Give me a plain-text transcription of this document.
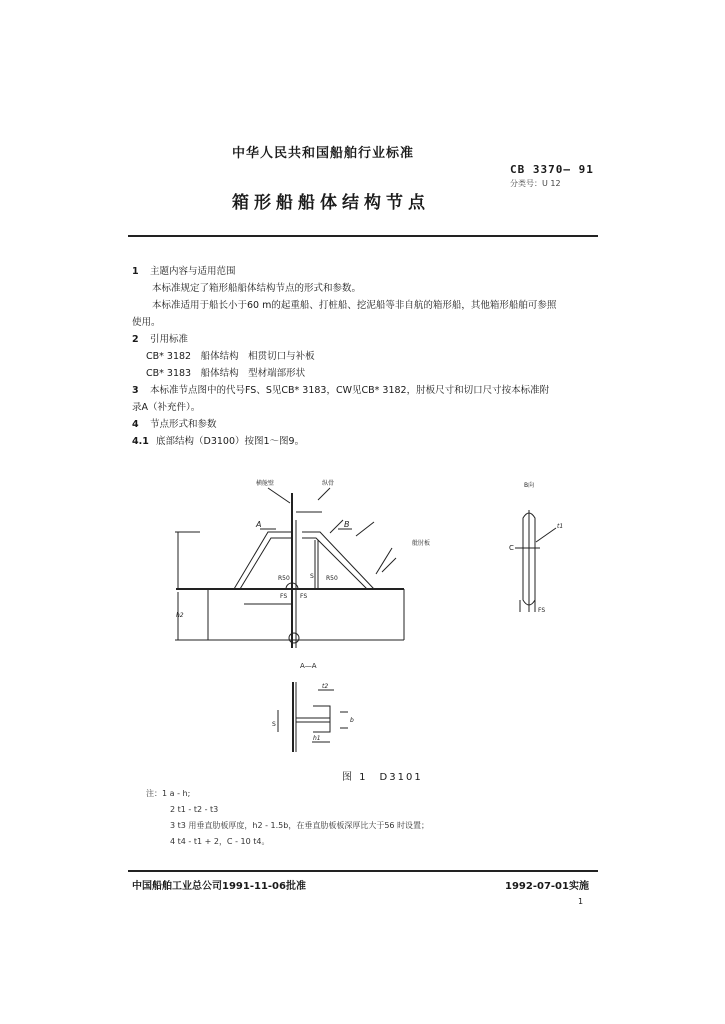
中华人民共和国船舶行业标准
CB 3370— 91
分类号：U 12
箱形船船体结构节点

1 主题内容与适用范围

本标准规定了箱形船船体结构节点的形式和参数。

本标准适用于船长小于60 m的起重船、打桩船、挖泥船等非自航的箱形船，其他箱形船舶可参照

使用。

2 引用标准

CB* 3182　船体结构　相贯切口与补板

CB* 3183　船体结构　型材端部形状

3 本标准节点图中的代号FS、S见CB* 3183，CW见CB* 3182，肘板尺寸和切口尺寸按本标准附

录A（补充件）。

4 节点形式和参数

4.1 底部结构（D3100）按图1～图9。

横舱壁	纵骨
舭肘板
B向
A—A
A	B
R50	R50
FS FS
S
C
t1
t2
FS
h1
h2
b
S
图 1　D3101

注：1 a - h;

2 t1 - t2 - t3

3 t3 用垂直肋板厚度，h2 - 1.5b，在垂直肋板板深厚比大于56 时设置；

4 t4 - t1 + 2，C - 10 t4。

中国船舶工业总公司1991-11-06批准	1992-07-01实施
1
